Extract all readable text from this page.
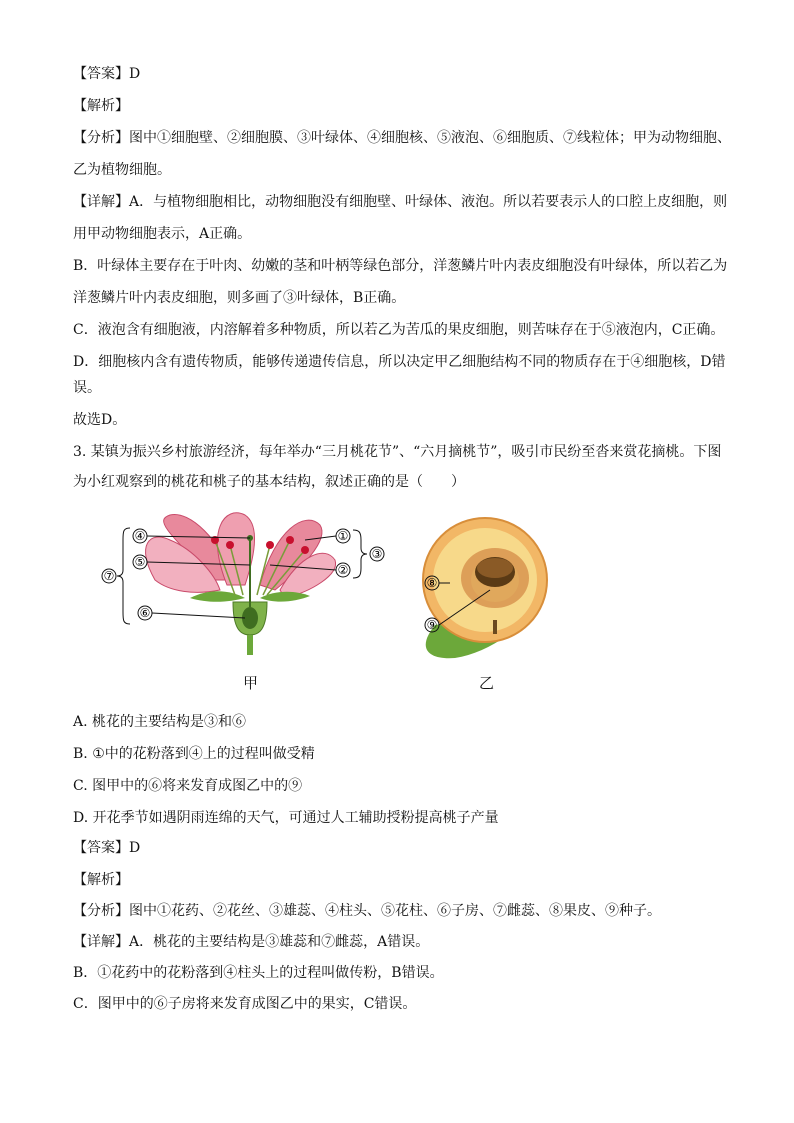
【答案】D
【解析】
【分析】图中①细胞壁、②细胞膜、③叶绿体、④细胞核、⑤液泡、⑥细胞质、⑦线粒体；甲为动物细胞、
乙为植物细胞。
【详解】A．与植物细胞相比，动物细胞没有细胞壁、叶绿体、液泡。所以若要表示人的口腔上皮细胞，则
用甲动物细胞表示，A正确。
B．叶绿体主要存在于叶肉、幼嫩的茎和叶柄等绿色部分，洋葱鳞片叶内表皮细胞没有叶绿体，所以若乙为
洋葱鳞片叶内表皮细胞，则多画了③叶绿体，B正确。
C．液泡含有细胞液，内溶解着多种物质，所以若乙为苦瓜的果皮细胞，则苦味存在于⑤液泡内，C正确。
D．细胞核内含有遗传物质，能够传递遗传信息，所以决定甲乙细胞结构不同的物质存在于④细胞核，D错
误。
故选D。
3. 某镇为振兴乡村旅游经济，每年举办“三月桃花节”、“六月摘桃节”，吸引市民纷至沓来赏花摘桃。下图
为小红观察到的桃花和桃子的基本结构，叙述正确的是（　　）
④
⑤
⑥
⑦
①
②
③
⑧
⑨
甲	乙
A. 桃花的主要结构是③和⑥
B. ①中的花粉落到④上的过程叫做受精
C. 图甲中的⑥将来发育成图乙中的⑨
D. 开花季节如遇阴雨连绵的天气，可通过人工辅助授粉提高桃子产量
【答案】D
【解析】
【分析】图中①花药、②花丝、③雄蕊、④柱头、⑤花柱、⑥子房、⑦雌蕊、⑧果皮、⑨种子。
【详解】A．桃花的主要结构是③雄蕊和⑦雌蕊，A错误。
B．①花药中的花粉落到④柱头上的过程叫做传粉，B错误。
C．图甲中的⑥子房将来发育成图乙中的果实，C错误。
